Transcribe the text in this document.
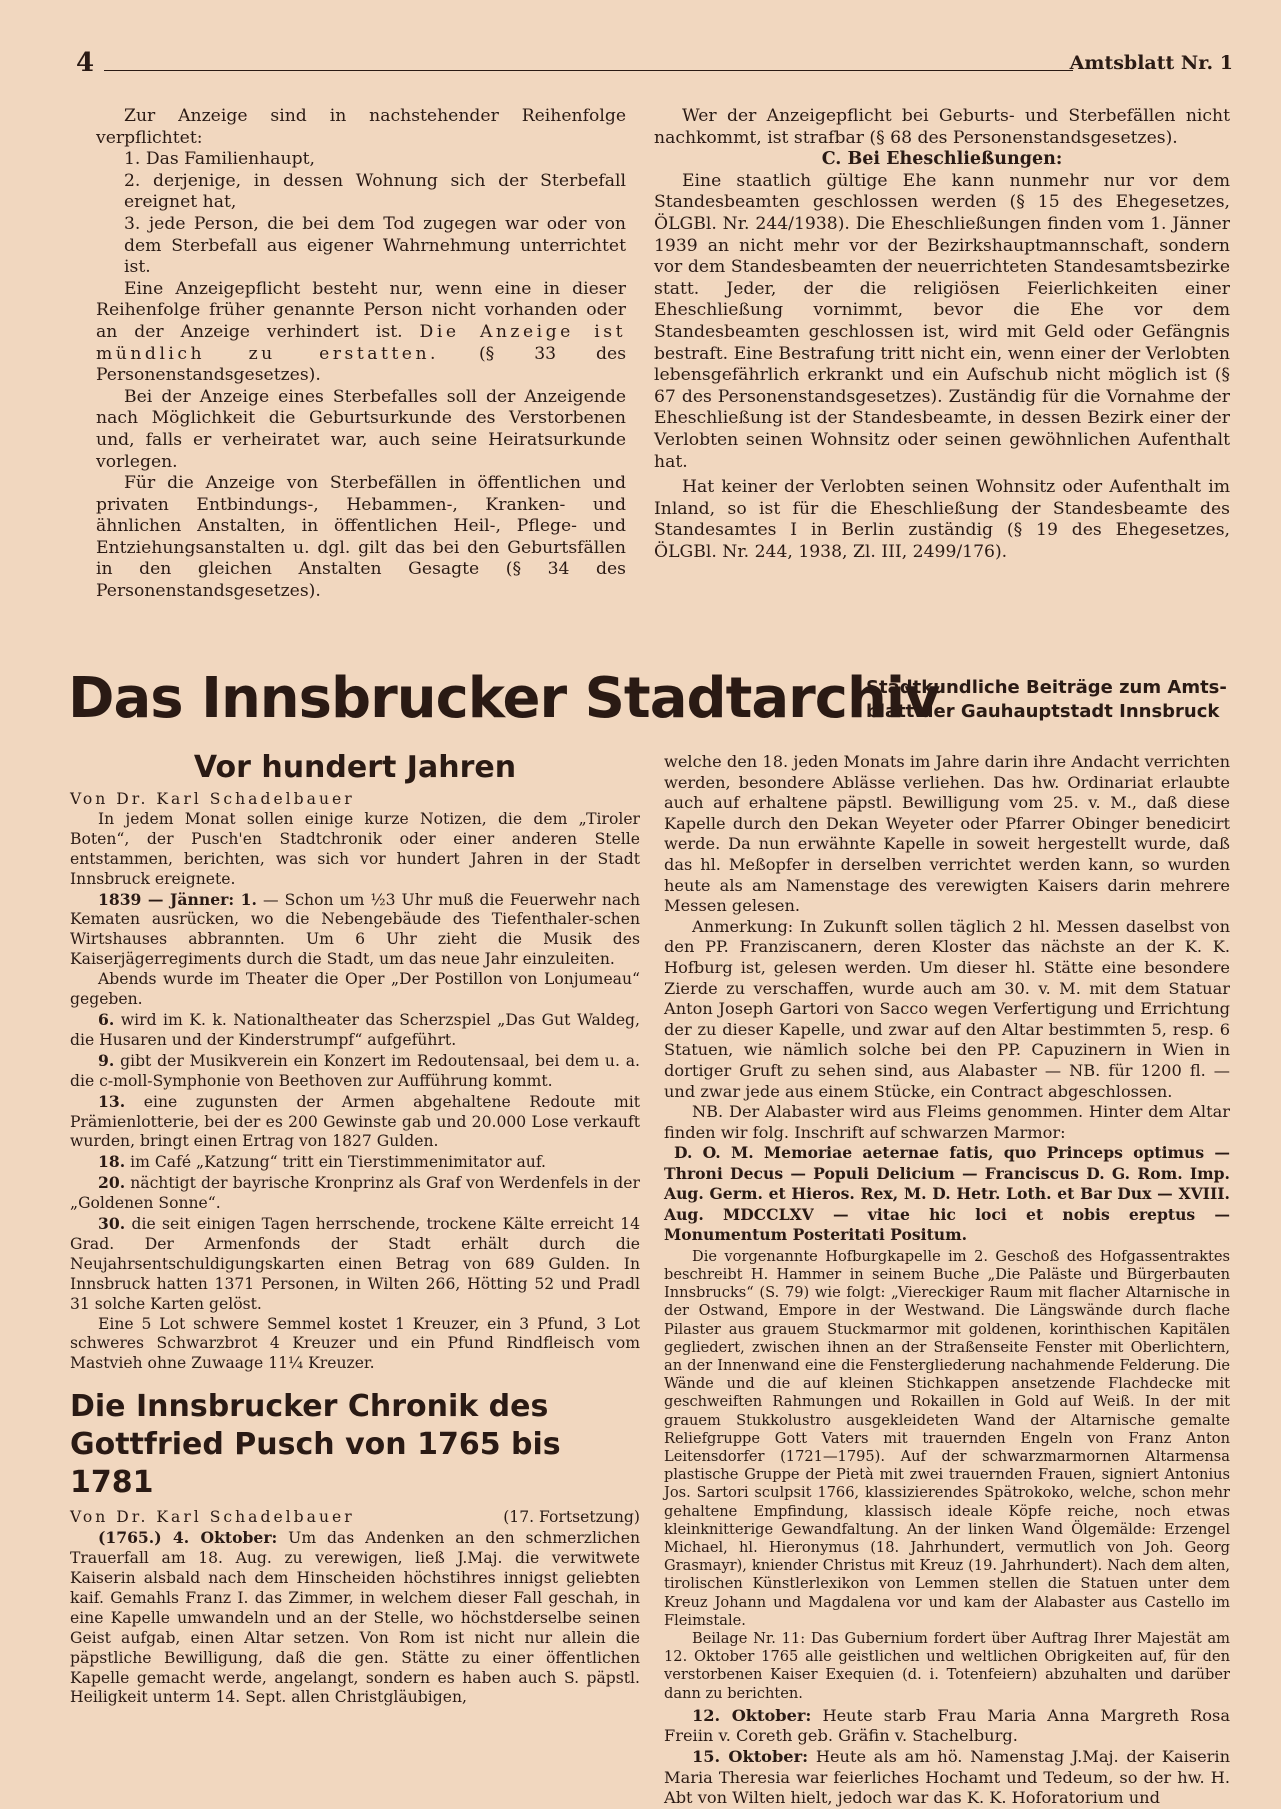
4	Amtsblatt Nr. 1

Zur Anzeige sind in nachstehender Reihenfolge verpflichtet:

1. Das Familienhaupt,
2. derjenige, in dessen Wohnung sich der Sterbefall ereignet hat,
3. jede Person, die bei dem Tod zugegen war oder von dem Sterbefall aus eigener Wahrnehmung unterrichtet ist.

Eine Anzeigepflicht besteht nur, wenn eine in dieser Reihenfolge früher genannte Person nicht vorhanden oder an der Anzeige verhindert ist. Die Anzeige ist mündlich zu erstatten. (§ 33 des Personenstandsgesetzes).

Bei der Anzeige eines Sterbefalles soll der Anzeigende nach Möglichkeit die Geburtsurkunde des Verstorbenen und, falls er verheiratet war, auch seine Heiratsurkunde vorlegen.

Für die Anzeige von Sterbefällen in öffentlichen und privaten Entbindungs-, Hebammen-, Kranken- und ähnlichen Anstalten, in öffentlichen Heil-, Pflege- und Entziehungsanstalten u. dgl. gilt das bei den Geburtsfällen in den gleichen Anstalten Gesagte (§ 34 des Personenstandsgesetzes).

Wer der Anzeigepflicht bei Geburts- und Sterbefällen nicht nachkommt, ist strafbar (§ 68 des Personenstandsgesetzes).

C. Bei Eheschließungen:

Eine staatlich gültige Ehe kann nunmehr nur vor dem Standesbeamten geschlossen werden (§ 15 des Ehegesetzes, ÖLGBl. Nr. 244/1938). Die Eheschließungen finden vom 1. Jänner 1939 an nicht mehr vor der Bezirkshauptmannschaft, sondern vor dem Standesbeamten der neuerrichteten Standesamtsbezirke statt. Jeder, der die religiösen Feierlichkeiten einer Eheschließung vornimmt, bevor die Ehe vor dem Standesbeamten geschlossen ist, wird mit Geld oder Gefängnis bestraft. Eine Bestrafung tritt nicht ein, wenn einer der Verlobten lebensgefährlich erkrankt und ein Aufschub nicht möglich ist (§ 67 des Personenstandsgesetzes). Zuständig für die Vornahme der Eheschließung ist der Standesbeamte, in dessen Bezirk einer der Verlobten seinen Wohnsitz oder seinen gewöhnlichen Aufenthalt hat.

Hat keiner der Verlobten seinen Wohnsitz oder Aufenthalt im Inland, so ist für die Eheschließung der Standesbeamte des Standesamtes I in Berlin zuständig (§ 19 des Ehegesetzes, ÖLGBl. Nr. 244, 1938, Zl. III, 2499/176).

Das Innsbrucker Stadtarchiv
Stadtkundliche Beiträge zum Amts-
blatt der Gauhauptstadt Innsbruck

Vor hundert Jahren

Von Dr. Karl Schadelbauer

In jedem Monat sollen einige kurze Notizen, die dem „Tiroler Boten“, der Pusch'en Stadtchronik oder einer anderen Stelle entstammen, berichten, was sich vor hundert Jahren in der Stadt Innsbruck ereignete.

1839 — Jänner: 1. — Schon um ½3 Uhr muß die Feuerwehr nach Kematen ausrücken, wo die Nebengebäude des Tiefenthaler-schen Wirtshauses abbrannten. Um 6 Uhr zieht die Musik des Kaiserjägerregiments durch die Stadt, um das neue Jahr einzuleiten.

Abends wurde im Theater die Oper „Der Postillon von Lonjumeau“ gegeben.

6. wird im K. k. Nationaltheater das Scherzspiel „Das Gut Waldeg, die Husaren und der Kinderstrumpf“ aufgeführt.

9. gibt der Musikverein ein Konzert im Redoutensaal, bei dem u. a. die c-moll-Symphonie von Beethoven zur Aufführung kommt.

13. eine zugunsten der Armen abgehaltene Redoute mit Prämienlotterie, bei der es 200 Gewinste gab und 20.000 Lose verkauft wurden, bringt einen Ertrag von 1827 Gulden.

18. im Café „Katzung“ tritt ein Tierstimmenimitator auf.

20. nächtigt der bayrische Kronprinz als Graf von Werdenfels in der „Goldenen Sonne“.

30. die seit einigen Tagen herrschende, trockene Kälte erreicht 14 Grad. Der Armenfonds der Stadt erhält durch die Neujahrsentschuldigungskarten einen Betrag von 689 Gulden. In Innsbruck hatten 1371 Personen, in Wilten 266, Hötting 52 und Pradl 31 solche Karten gelöst.

Eine 5 Lot schwere Semmel kostet 1 Kreuzer, ein 3 Pfund, 3 Lot schweres Schwarzbrot 4 Kreuzer und ein Pfund Rindfleisch vom Mastvieh ohne Zuwaage 11¼ Kreuzer.

Die Innsbrucker Chronik des

Gottfried Pusch von 1765 bis 1781

Von Dr. Karl Schadelbauer	(17. Fortsetzung)

(1765.) 4. Oktober: Um das Andenken an den schmerzlichen Trauerfall am 18. Aug. zu verewigen, ließ J.Maj. die verwitwete Kaiserin alsbald nach dem Hinscheiden höchstihres innigst geliebten kaif. Gemahls Franz I. das Zimmer, in welchem dieser Fall geschah, in eine Kapelle umwandeln und an der Stelle, wo höchstderselbe seinen Geist aufgab, einen Altar setzen. Von Rom ist nicht nur allein die päpstliche Bewilligung, daß die gen. Stätte zu einer öffentlichen Kapelle gemacht werde, angelangt, sondern es haben auch S. päpstl. Heiligkeit unterm 14. Sept. allen Christgläubigen,

welche den 18. jeden Monats im Jahre darin ihre Andacht verrichten werden, besondere Ablässe verliehen. Das hw. Ordinariat erlaubte auch auf erhaltene päpstl. Bewilligung vom 25. v. M., daß diese Kapelle durch den Dekan Weyeter oder Pfarrer Obinger benedicirt werde. Da nun erwähnte Kapelle in soweit hergestellt wurde, daß das hl. Meßopfer in derselben verrichtet werden kann, so wurden heute als am Namenstage des verewigten Kaisers darin mehrere Messen gelesen.

Anmerkung: In Zukunft sollen täglich 2 hl. Messen daselbst von den PP. Franziscanern, deren Kloster das nächste an der K. K. Hofburg ist, gelesen werden. Um dieser hl. Stätte eine besondere Zierde zu verschaffen, wurde auch am 30. v. M. mit dem Statuar Anton Joseph Gartori von Sacco wegen Verfertigung und Errichtung der zu dieser Kapelle, und zwar auf den Altar bestimmten 5, resp. 6 Statuen, wie nämlich solche bei den PP. Capuzinern in Wien in dortiger Gruft zu sehen sind, aus Alabaster — NB. für 1200 fl. — und zwar jede aus einem Stücke, ein Contract abgeschlossen.

NB. Der Alabaster wird aus Fleims genommen. Hinter dem Altar finden wir folg. Inschrift auf schwarzen Marmor:

D. O. M. Memoriae aeternae fatis, quo Princeps optimus — Throni Decus — Populi Delicium — Franciscus D. G. Rom. Imp. Aug. Germ. et Hieros. Rex, M. D. Hetr. Loth. et Bar Dux — XVIII. Aug. MDCCLXV — vitae hic loci et nobis ereptus — Monumentum Posteritati Positum.

Die vorgenannte Hofburgkapelle im 2. Geschoß des Hofgassentraktes beschreibt H. Hammer in seinem Buche „Die Paläste und Bürgerbauten Innsbrucks“ (S. 79) wie folgt: „Viereckiger Raum mit flacher Altarnische in der Ostwand, Empore in der Westwand. Die Längswände durch flache Pilaster aus grauem Stuckmarmor mit goldenen, korinthischen Kapitälen gegliedert, zwischen ihnen an der Straßenseite Fenster mit Oberlichtern, an der Innenwand eine die Fenstergliederung nachahmende Felderung. Die Wände und die auf kleinen Stichkappen ansetzende Flachdecke mit geschweiften Rahmungen und Rokaillen in Gold auf Weiß. In der mit grauem Stukkolustro ausgekleideten Wand der Altarnische gemalte Reliefgruppe Gott Vaters mit trauernden Engeln von Franz Anton Leitensdorfer (1721—1795). Auf der schwarzmarmornen Altarmensa plastische Gruppe der Pietà mit zwei trauernden Frauen, signiert Antonius Jos. Sartori sculpsit 1766, klassizierendes Spätrokoko, welche, schon mehr gehaltene Empfindung, klassisch ideale Köpfe reiche, noch etwas kleinknitterige Gewandfaltung. An der linken Wand Ölgemälde: Erzengel Michael, hl. Hieronymus (18. Jahrhundert, vermutlich von Joh. Georg Grasmayr), kniender Christus mit Kreuz (19. Jahrhundert). Nach dem alten, tirolischen Künstlerlexikon von Lemmen stellen die Statuen unter dem Kreuz Johann und Magdalena vor und kam der Alabaster aus Castello im Fleimstale.

Beilage Nr. 11: Das Gubernium fordert über Auftrag Ihrer Majestät am 12. Oktober 1765 alle geistlichen und weltlichen Obrigkeiten auf, für den verstorbenen Kaiser Exequien (d. i. Totenfeiern) abzuhalten und darüber dann zu berichten.

12. Oktober: Heute starb Frau Maria Anna Margreth Rosa Freiin v. Coreth geb. Gräfin v. Stachelburg.

15. Oktober: Heute als am hö. Namenstag J.Maj. der Kaiserin Maria Theresia war feierliches Hochamt und Tedeum, so der hw. H. Abt von Wilten hielt, jedoch war das K. K. Hoforatorium und
